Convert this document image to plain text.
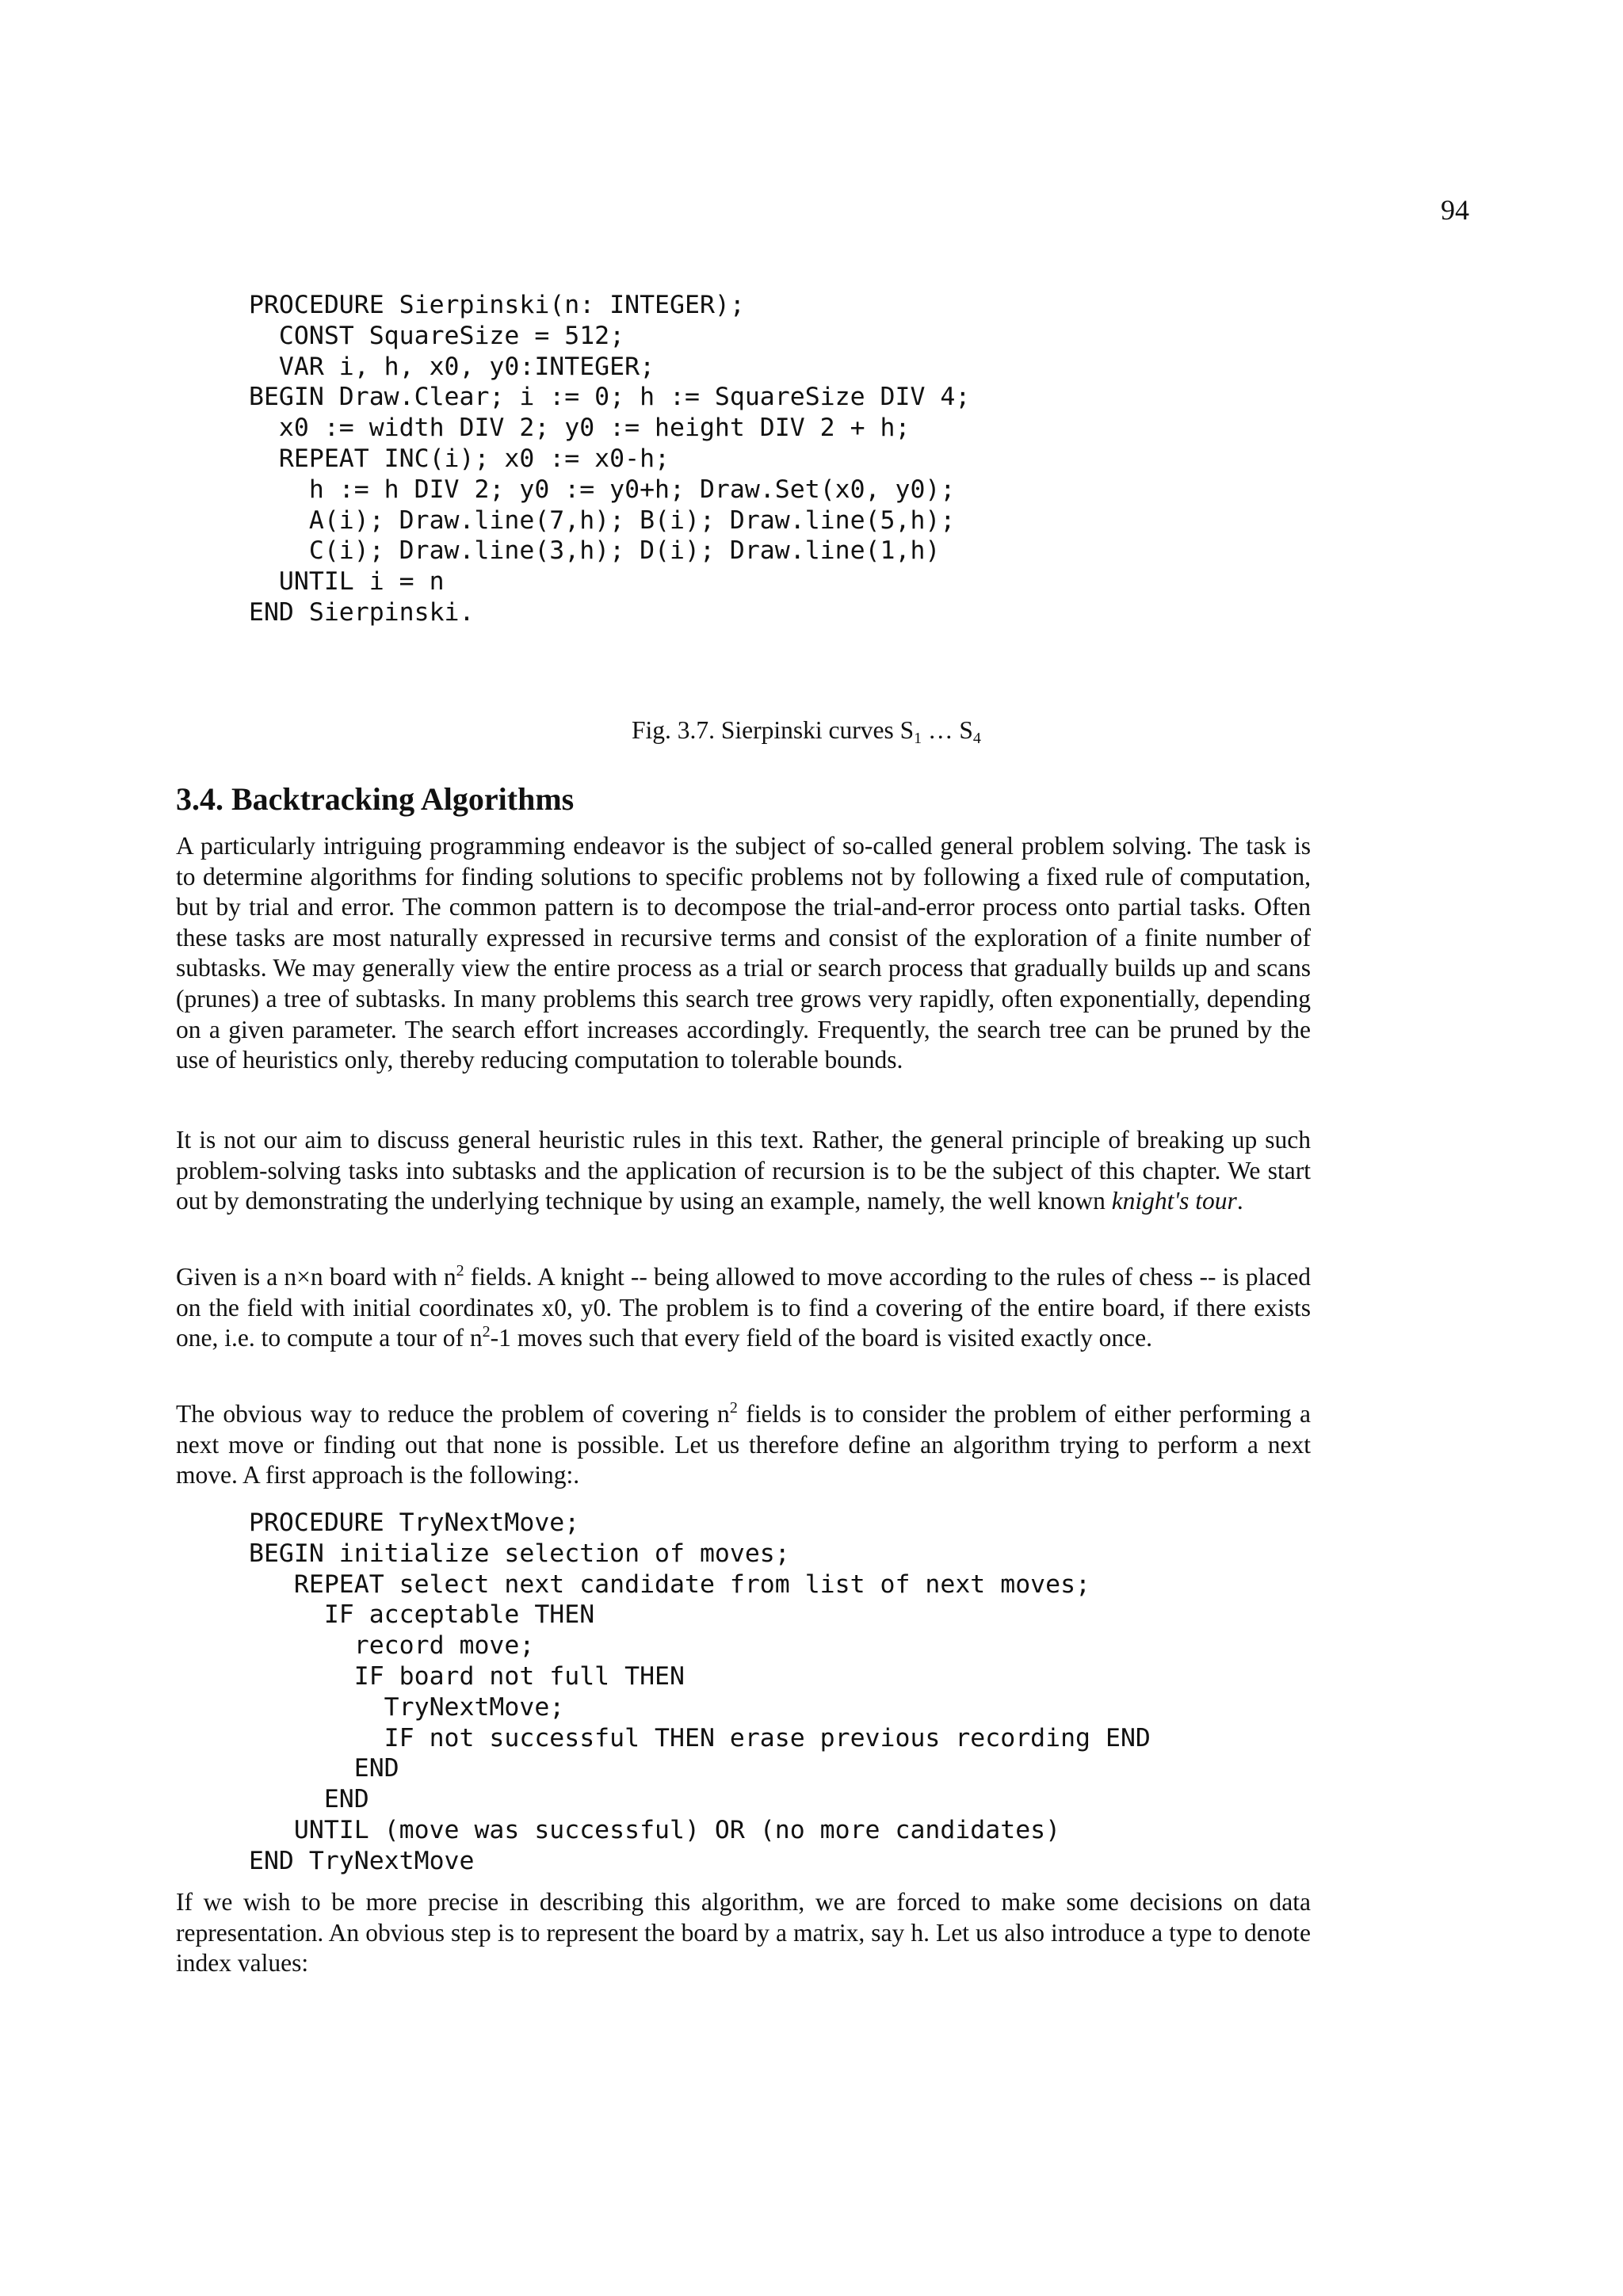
94
PROCEDURE Sierpinski(n: INTEGER);
CONST SquareSize = 512;
VAR i, h, x0, y0:INTEGER;
BEGIN Draw.Clear; i := 0; h := SquareSize DIV 4;
x0 := width DIV 2; y0 := height DIV 2 + h;
REPEAT INC(i); x0 := x0-h;
h := h DIV 2; y0 := y0+h; Draw.Set(x0, y0);
A(i); Draw.line(7,h); B(i); Draw.line(5,h);
C(i); Draw.line(3,h); D(i); Draw.line(1,h)
UNTIL i = n
END Sierpinski.
Fig. 3.7. Sierpinski curves $S_1$ … $S_4$
3.4. Backtracking Algorithms

A particularly intriguing programming endeavor is the subject of so-called general problem solving. The task is to determine algorithms for finding solutions to specific problems not by following a fixed rule of computation, but by trial and error. The common pattern is to decompose the trial-and-error process onto partial tasks. Often these tasks are most naturally expressed in recursive terms and consist of the exploration of a finite number of subtasks. We may generally view the entire process as a trial or search process that gradually builds up and scans (prunes) a tree of subtasks. In many problems this search tree grows very rapidly, often exponentially, depending on a given parameter. The search effort increases accordingly. Frequently, the search tree can be pruned by the use of heuristics only, thereby reducing computation to tolerable bounds.

It is not our aim to discuss general heuristic rules in this text. Rather, the general principle of breaking up such problem-solving tasks into subtasks and the application of recursion is to be the subject of this chapter. We start out by demonstrating the underlying technique by using an example, namely, the well known knight's tour.

Given is a n×n board with $n^2$ fields. A knight -- being allowed to move according to the rules of chess -- is placed on the field with initial coordinates x0, y0. The problem is to find a covering of the entire board, if there exists one, i.e. to compute a tour of $n^2-1$ moves such that every field of the board is visited exactly once.

The obvious way to reduce the problem of covering $n^2$ fields is to consider the problem of either performing a next move or finding out that none is possible. Let us therefore define an algorithm trying to perform a next move. A first approach is the following:.

PROCEDURE TryNextMove;
BEGIN initialize selection of moves;
REPEAT select next candidate from list of next moves;
IF acceptable THEN
record move;
IF board not full THEN
TryNextMove;
IF not successful THEN erase previous recording END
END
END
UNTIL (move was successful) OR (no more candidates)
END TryNextMove

If we wish to be more precise in describing this algorithm, we are forced to make some decisions on data representation. An obvious step is to represent the board by a matrix, say h. Let us also introduce a type to denote index values:
